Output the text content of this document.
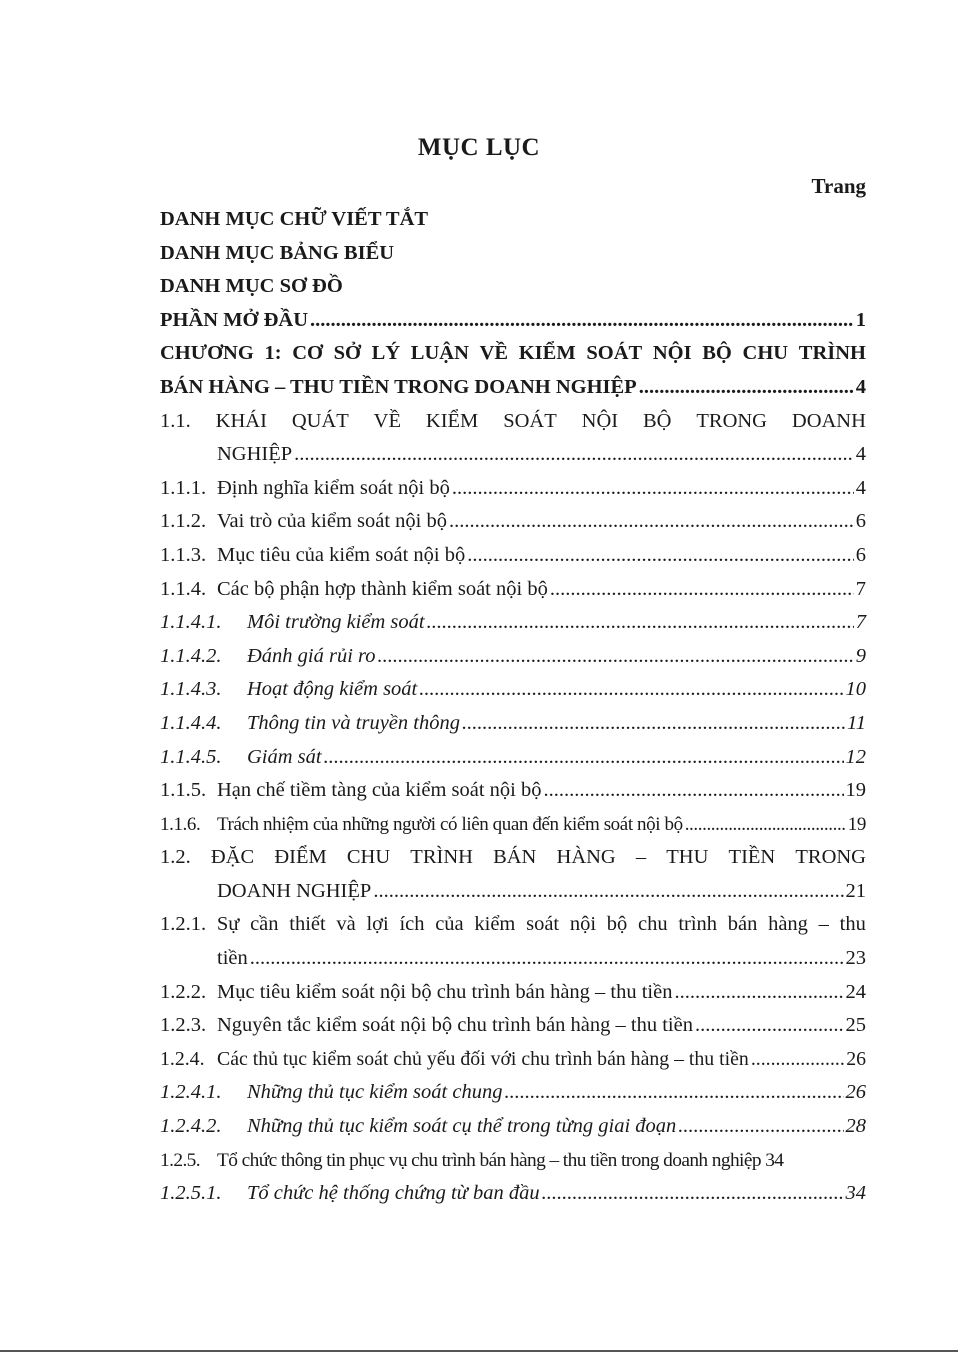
MỤC LỤC
Trang
DANH MỤC CHỮ VIẾT TẮT
DANH MỤC BẢNG BIỂU
DANH MỤC SƠ ĐỒ
PHẦN MỞ ĐẦU .....	1
CHƯƠNG 1: CƠ SỞ LÝ LUẬN VỀ KIỂM SOÁT NỘI BỘ CHU TRÌNH
BÁN HÀNG – THU TIỀN TRONG DOANH NGHIỆP .....	4
1.1. KHÁI QUÁT VỀ KIỂM SOÁT NỘI BỘ TRONG DOANH
NGHIỆP .....	4
1.1.1. Định nghĩa kiểm soát nội bộ .....	4
1.1.2. Vai trò của kiểm soát nội bộ .....	6
1.1.3. Mục tiêu của kiểm soát nội bộ .....	6
1.1.4. Các bộ phận hợp thành kiểm soát nội bộ .....	7
1.1.4.1. Môi trường kiểm soát .....	7
1.1.4.2. Đánh giá rủi ro .....	9
1.1.4.3. Hoạt động kiểm soát .....	10
1.1.4.4. Thông tin và truyền thông .....	11
1.1.4.5. Giám sát .....	12
1.1.5. Hạn chế tiềm tàng của kiểm soát nội bộ .....	19
1.1.6. Trách nhiệm của những người có liên quan đến kiểm soát nội bộ .....	19
1.2. ĐẶC ĐIỂM CHU TRÌNH BÁN HÀNG – THU TIỀN TRONG
DOANH NGHIỆP .....	21
1.2.1. Sự cần thiết và lợi ích của kiểm soát nội bộ chu trình bán hàng – thu
tiền .....	23
1.2.2. Mục tiêu kiểm soát nội bộ chu trình bán hàng – thu tiền .....	24
1.2.3. Nguyên tắc kiểm soát nội bộ chu trình bán hàng – thu tiền .....	25
1.2.4. Các thủ tục kiểm soát chủ yếu đối với chu trình bán hàng – thu tiền .....	26
1.2.4.1. Những thủ tục kiểm soát chung .....	26
1.2.4.2. Những thủ tục kiểm soát cụ thể trong từng giai đoạn .....	28
1.2.5. Tổ chức thông tin phục vụ chu trình bán hàng – thu tiền trong doanh nghiệp 34
1.2.5.1. Tổ chức hệ thống chứng từ ban đầu .....	34
